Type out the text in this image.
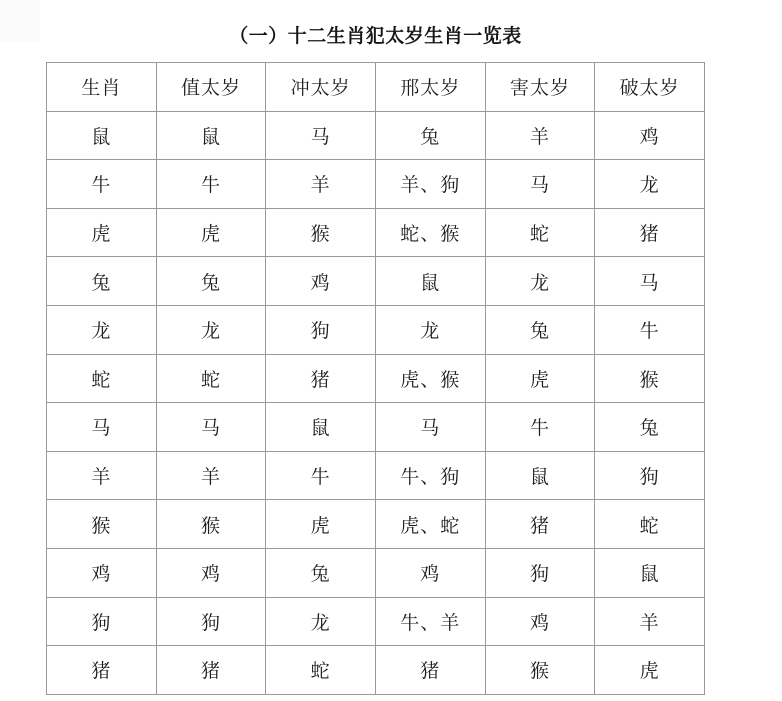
（一）十二生肖犯太岁生肖一览表
生肖	值太岁	冲太岁	邢太岁	害太岁	破太岁
鼠	鼠	马	兔	羊	鸡
牛	牛	羊	羊、狗	马	龙
虎	虎	猴	蛇、猴	蛇	猪
兔	兔	鸡	鼠	龙	马
龙	龙	狗	龙	兔	牛
蛇	蛇	猪	虎、猴	虎	猴
马	马	鼠	马	牛	兔
羊	羊	牛	牛、狗	鼠	狗
猴	猴	虎	虎、蛇	猪	蛇
鸡	鸡	兔	鸡	狗	鼠
狗	狗	龙	牛、羊	鸡	羊
猪	猪	蛇	猪	猴	虎
